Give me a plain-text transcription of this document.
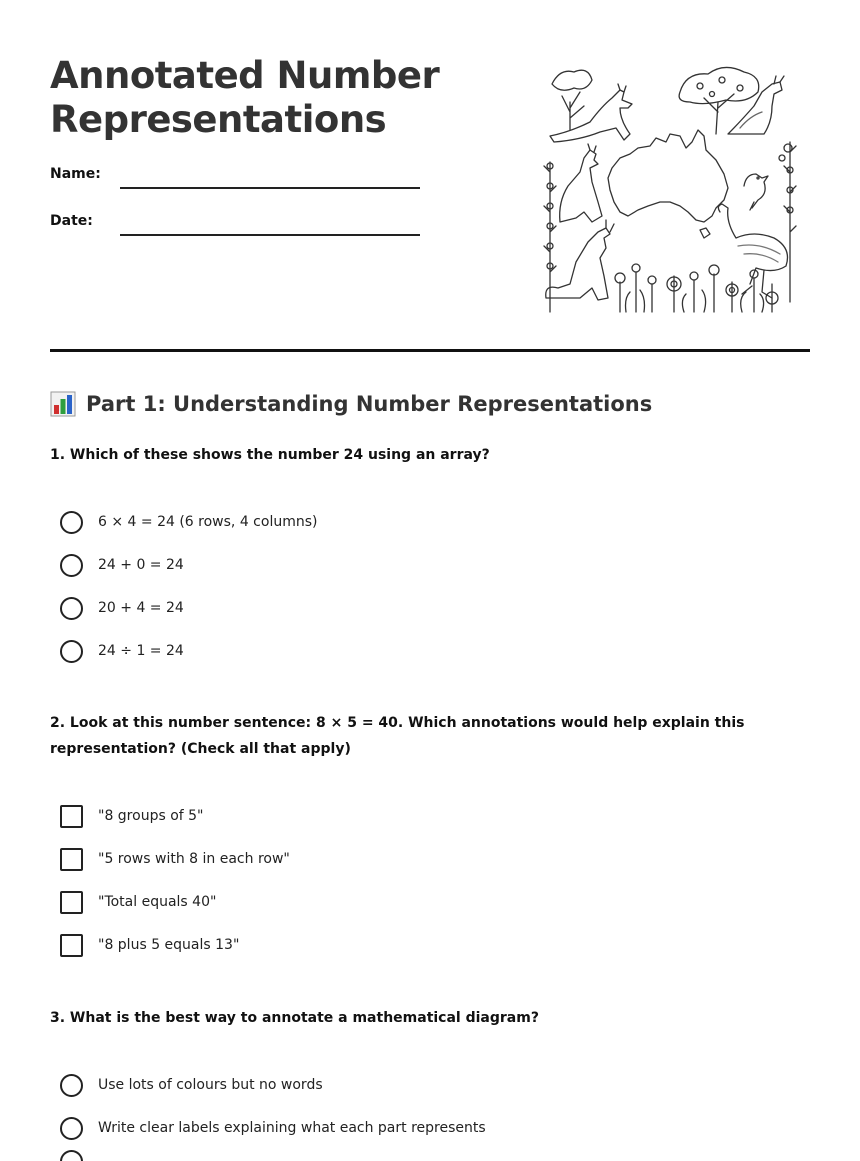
Annotated Number Representations
Name:
Date:
Part 1: Understanding Number Representations
1. Which of these shows the number 24 using an array?
6 × 4 = 24 (6 rows, 4 columns)
24 + 0 = 24
20 + 4 = 24
24 ÷ 1 = 24
2. Look at this number sentence: 8 × 5 = 40. Which annotations would help explain this representation? (Check all that apply)
"8 groups of 5"
"5 rows with 8 in each row"
"Total equals 40"
"8 plus 5 equals 13"
3. What is the best way to annotate a mathematical diagram?
Use lots of colours but no words
Write clear labels explaining what each part represents
